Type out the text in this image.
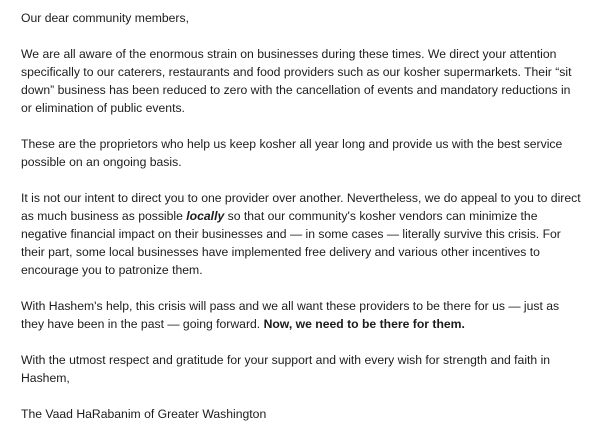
Our dear community members,

We are all aware of the enormous strain on businesses during these times. We direct your attention specifically to our caterers, restaurants and food providers such as our kosher supermarkets. Their “sit down” business has been reduced to zero with the cancellation of events and mandatory reductions in or elimination of public events.

These are the proprietors who help us keep kosher all year long and provide us with the best service possible on an ongoing basis.

It is not our intent to direct you to one provider over another. Nevertheless, we do appeal to you to direct as much business as possible locally so that our community's kosher vendors can minimize the negative financial impact on their businesses and — in some cases — literally survive this crisis. For their part, some local businesses have implemented free delivery and various other incentives to encourage you to patronize them.

With Hashem's help, this crisis will pass and we all want these providers to be there for us — just as they have been in the past — going forward. Now, we need to be there for them.

With the utmost respect and gratitude for your support and with every wish for strength and faith in Hashem,

The Vaad HaRabanim of Greater Washington
